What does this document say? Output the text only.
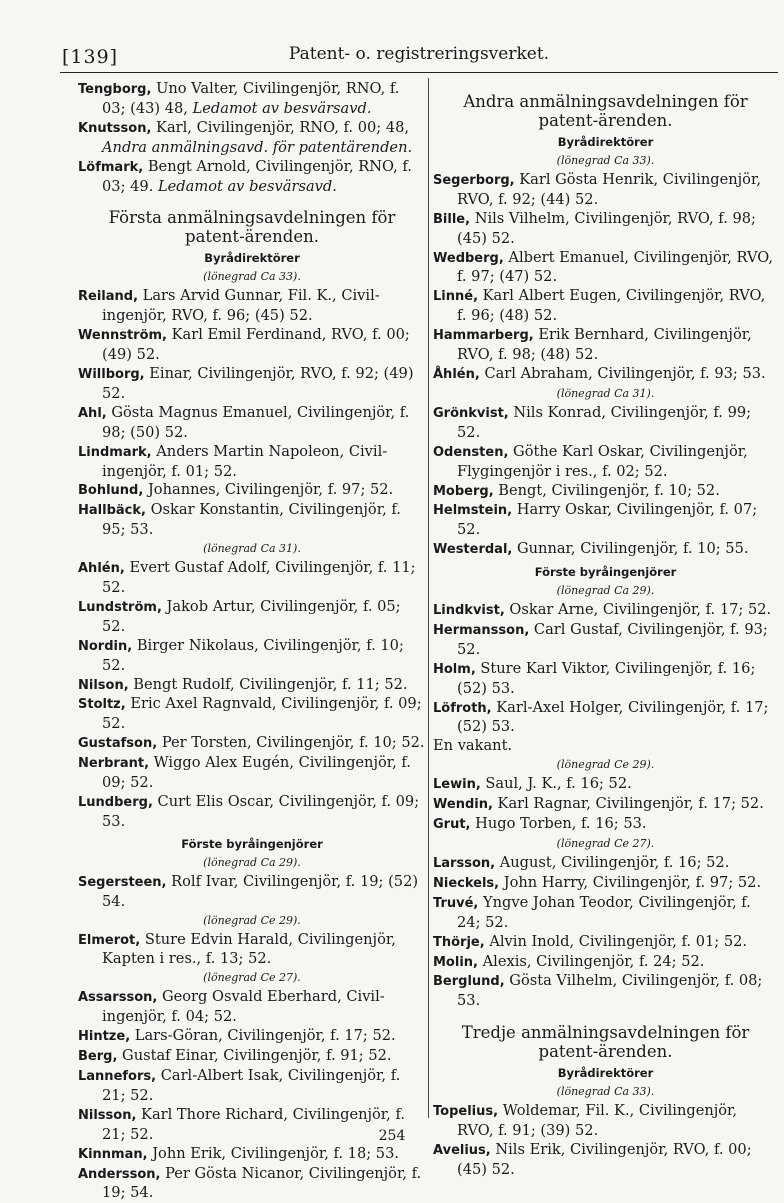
[139]	Patent- o. registreringsverket.
Tengborg, Uno Valter, Civilingenjör, RNO, f. 03; (43) 48, Ledamot av besvärsavd.
Knutsson, Karl, Civilingenjör, RNO, f. 00; 48, Andra anmälningsavd. för patentärenden.
Löfmark, Bengt Arnold, Civilingenjör, RNO, f. 03; 49. Ledamot av besvärsavd.
Första anmälningsavdelningen för patent-ärenden.
Byrådirektörer
(lönegrad Ca 33).
Reiland, Lars Arvid Gunnar, Fil. K., Civil-ingenjör, RVO, f. 96; (45) 52.
Wennström, Karl Emil Ferdinand, RVO, f. 00; (49) 52.
Willborg, Einar, Civilingenjör, RVO, f. 92; (49) 52.
Ahl, Gösta Magnus Emanuel, Civilingenjör, f. 98; (50) 52.
Lindmark, Anders Martin Napoleon, Civil-ingenjör, f. 01; 52.
Bohlund, Johannes, Civilingenjör, f. 97; 52.
Hallbäck, Oskar Konstantin, Civilingenjör, f. 95; 53.
(lönegrad Ca 31).
Ahlén, Evert Gustaf Adolf, Civilingenjör, f. 11; 52.
Lundström, Jakob Artur, Civilingenjör, f. 05; 52.
Nordin, Birger Nikolaus, Civilingenjör, f. 10; 52.
Nilson, Bengt Rudolf, Civilingenjör, f. 11; 52.
Stoltz, Eric Axel Ragnvald, Civilingenjör, f. 09; 52.
Gustafson, Per Torsten, Civilingenjör, f. 10; 52.
Nerbrant, Wiggo Alex Eugén, Civilingenjör, f. 09; 52.
Lundberg, Curt Elis Oscar, Civilingenjör, f. 09; 53.
Förste byråingenjörer
(lönegrad Ca 29).
Segersteen, Rolf Ivar, Civilingenjör, f. 19; (52) 54.
(lönegrad Ce 29).
Elmerot, Sture Edvin Harald, Civilingenjör, Kapten i res., f. 13; 52.
(lönegrad Ce 27).
Assarsson, Georg Osvald Eberhard, Civil-ingenjör, f. 04; 52.
Hintze, Lars-Göran, Civilingenjör, f. 17; 52.
Berg, Gustaf Einar, Civilingenjör, f. 91; 52.
Lannefors, Carl-Albert Isak, Civilingenjör, f. 21; 52.
Nilsson, Karl Thore Richard, Civilingenjör, f. 21; 52.
Kinnman, John Erik, Civilingenjör, f. 18; 53.
Andersson, Per Gösta Nicanor, Civilingenjör, f. 19; 54.
Andra anmälningsavdelningen för patent-ärenden.
Byrådirektörer
(lönegrad Ca 33).
Segerborg, Karl Gösta Henrik, Civilingenjör, RVO, f. 92; (44) 52.
Bille, Nils Vilhelm, Civilingenjör, RVO, f. 98; (45) 52.
Wedberg, Albert Emanuel, Civilingenjör, RVO, f. 97; (47) 52.
Linné, Karl Albert Eugen, Civilingenjör, RVO, f. 96; (48) 52.
Hammarberg, Erik Bernhard, Civilingenjör, RVO, f. 98; (48) 52.
Åhlén, Carl Abraham, Civilingenjör, f. 93; 53.
(lönegrad Ca 31).
Grönkvist, Nils Konrad, Civilingenjör, f. 99; 52.
Odensten, Göthe Karl Oskar, Civilingenjör, Flygingenjör i res., f. 02; 52.
Moberg, Bengt, Civilingenjör, f. 10; 52.
Helmstein, Harry Oskar, Civilingenjör, f. 07; 52.
Westerdal, Gunnar, Civilingenjör, f. 10; 55.
Förste byråingenjörer
(lönegrad Ca 29).
Lindkvist, Oskar Arne, Civilingenjör, f. 17; 52.
Hermansson, Carl Gustaf, Civilingenjör, f. 93; 52.
Holm, Sture Karl Viktor, Civilingenjör, f. 16; (52) 53.
Löfroth, Karl-Axel Holger, Civilingenjör, f. 17; (52) 53.
En vakant.
(lönegrad Ce 29).
Lewin, Saul, J. K., f. 16; 52.
Wendin, Karl Ragnar, Civilingenjör, f. 17; 52.
Grut, Hugo Torben, f. 16; 53.
(lönegrad Ce 27).
Larsson, August, Civilingenjör, f. 16; 52.
Nieckels, John Harry, Civilingenjör, f. 97; 52.
Truvé, Yngve Johan Teodor, Civilingenjör, f. 24; 52.
Thörje, Alvin Inold, Civilingenjör, f. 01; 52.
Molin, Alexis, Civilingenjör, f. 24; 52.
Berglund, Gösta Vilhelm, Civilingenjör, f. 08; 53.
Tredje anmälningsavdelningen för patent-ärenden.
Byrådirektörer
(lönegrad Ca 33).
Topelius, Woldemar, Fil. K., Civilingenjör, RVO, f. 91; (39) 52.
Avelius, Nils Erik, Civilingenjör, RVO, f. 00; (45) 52.
254
